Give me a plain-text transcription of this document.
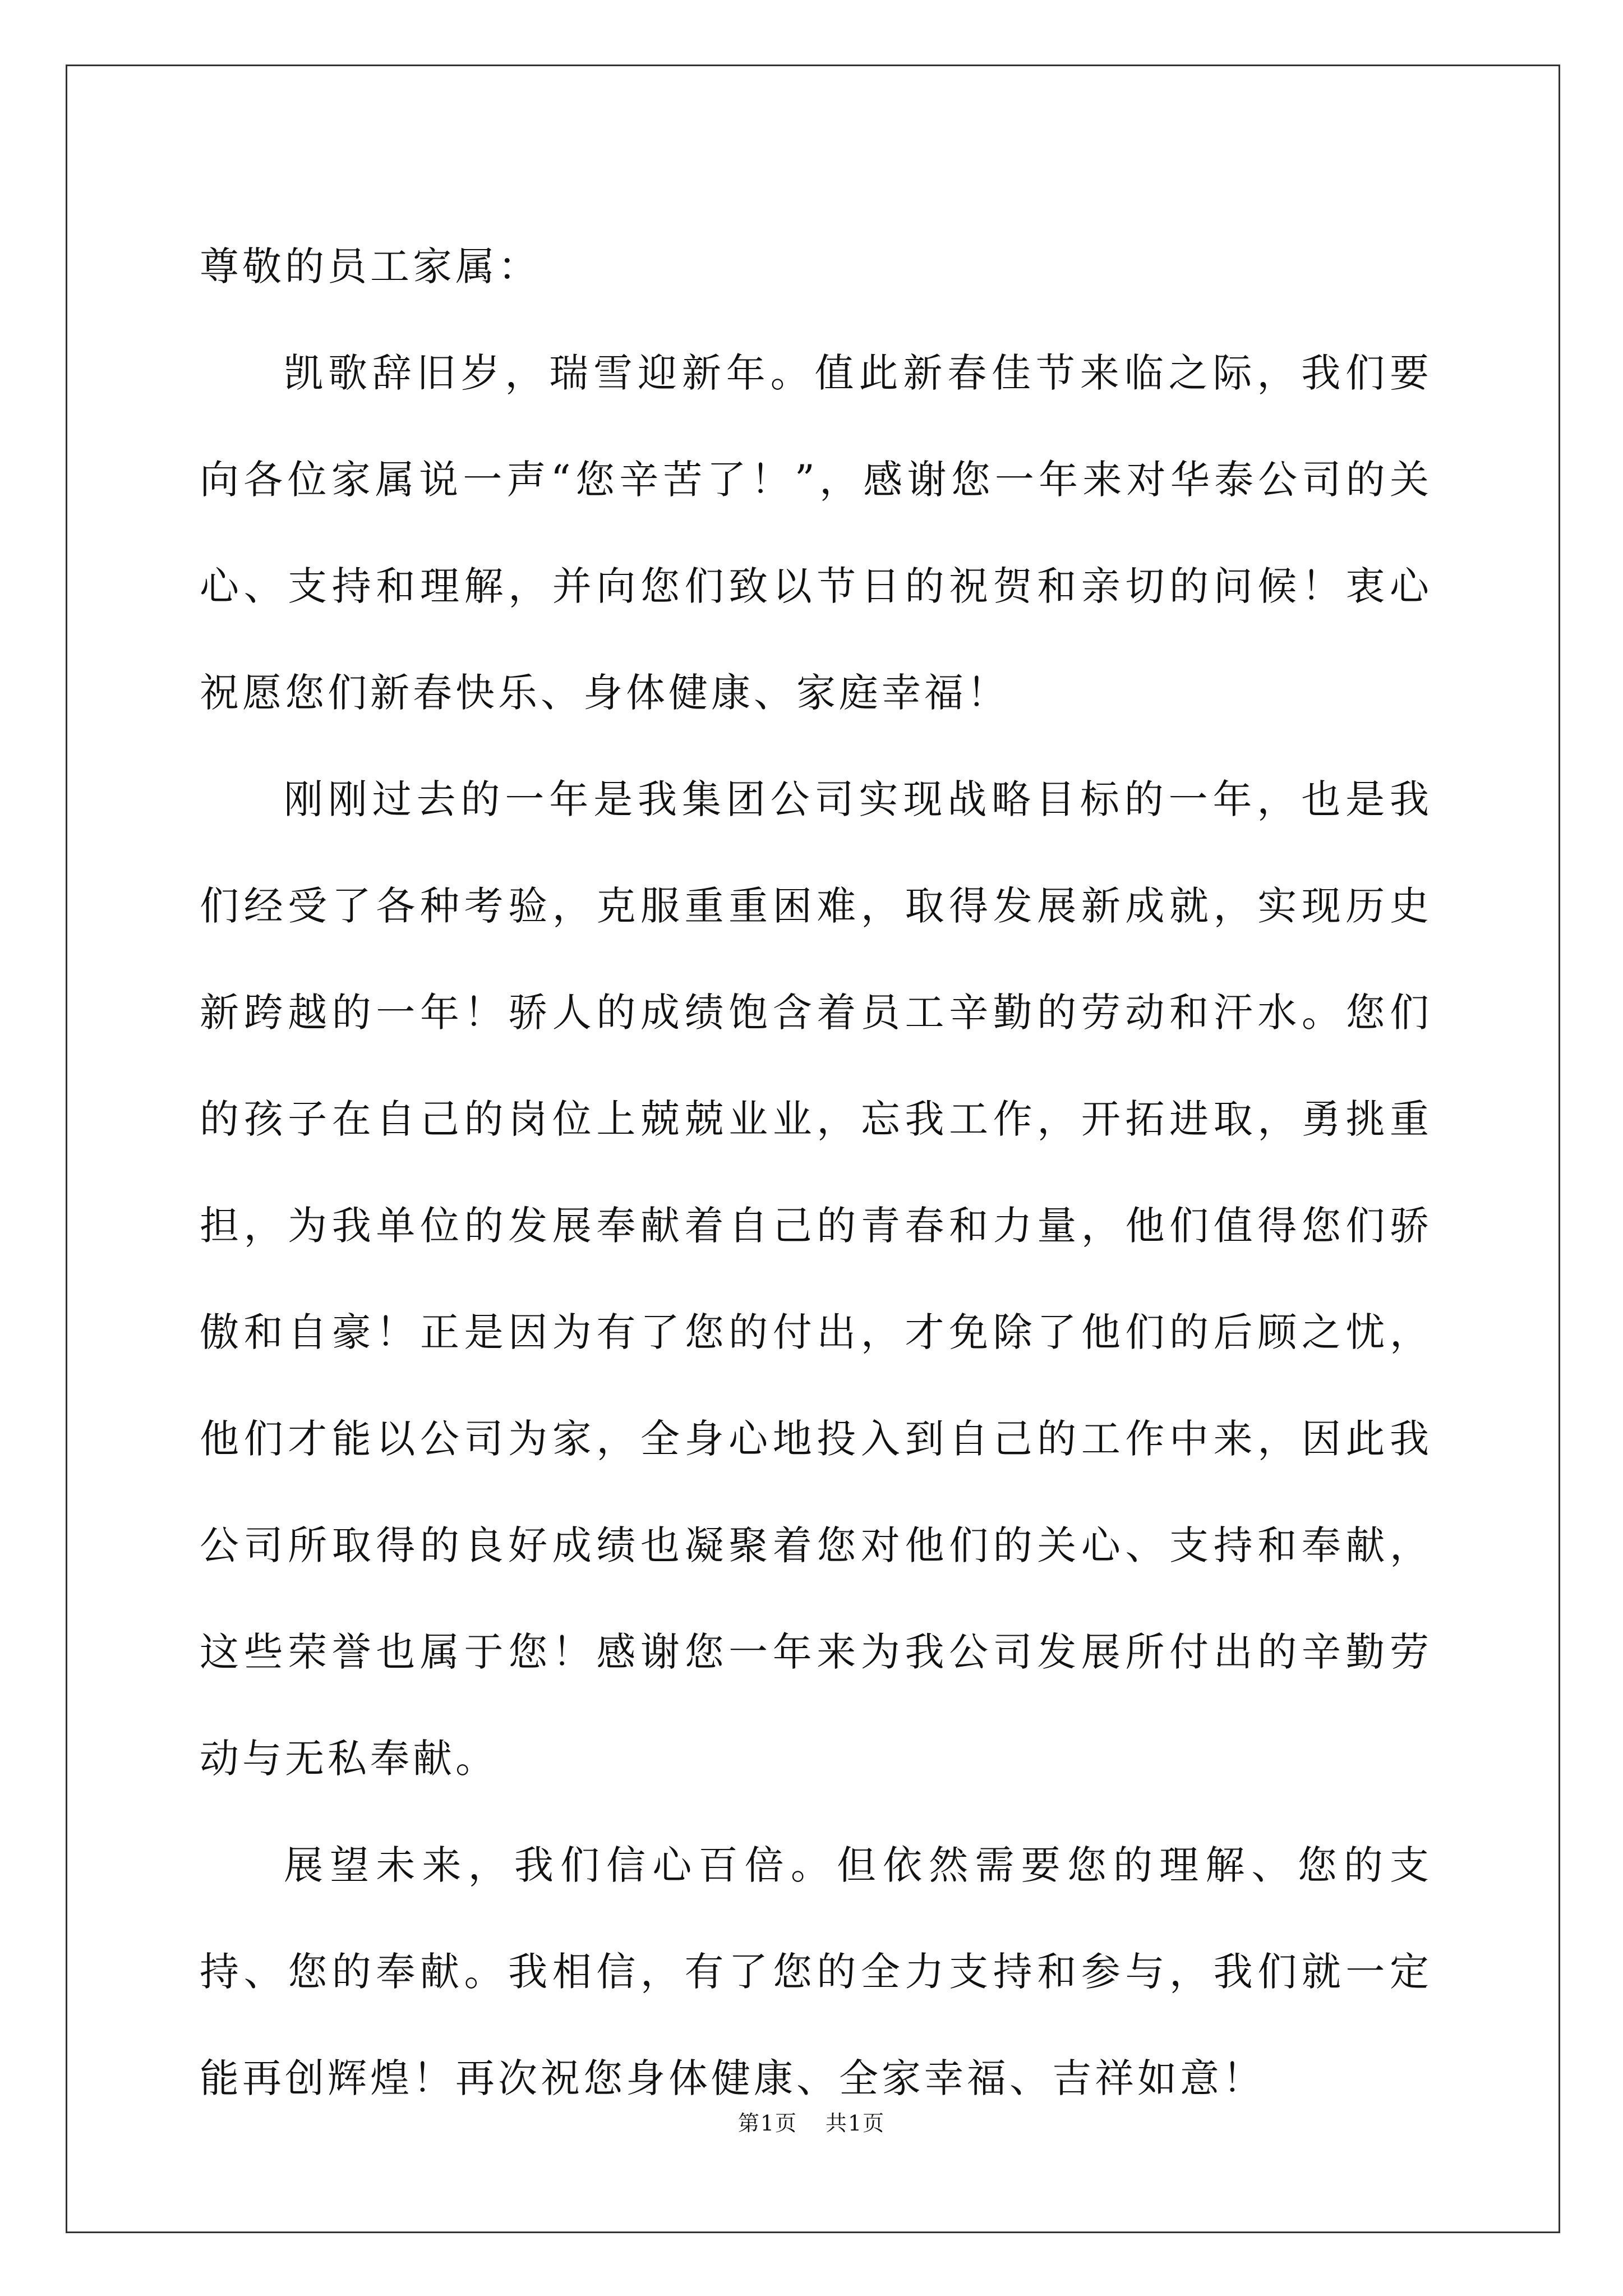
尊敬的员工家属：

凯歌辞旧岁，瑞雪迎新年。值此新春佳节来临之际，我们要向各位家属说一声“您辛苦了！”，感谢您一年来对华泰公司的关心、支持和理解，并向您们致以节日的祝贺和亲切的问候！衷心祝愿您们新春快乐、身体健康、家庭幸福！

刚刚过去的一年是我集团公司实现战略目标的一年，也是我们经受了各种考验，克服重重困难，取得发展新成就，实现历史新跨越的一年！骄人的成绩饱含着员工辛勤的劳动和汗水。您们的孩子在自己的岗位上兢兢业业，忘我工作，开拓进取，勇挑重担，为我单位的发展奉献着自己的青春和力量，他们值得您们骄傲和自豪！正是因为有了您的付出，才免除了他们的后顾之忧，他们才能以公司为家，全身心地投入到自己的工作中来，因此我公司所取得的良好成绩也凝聚着您对他们的关心、支持和奉献，这些荣誉也属于您！感谢您一年来为我公司发展所付出的辛勤劳动与无私奉献。

展望未来，我们信心百倍。但依然需要您的理解、您的支持、您的奉献。我相信，有了您的全力支持和参与，我们就一定能再创辉煌！再次祝您身体健康、全家幸福、吉祥如意！

第1页 共1页
